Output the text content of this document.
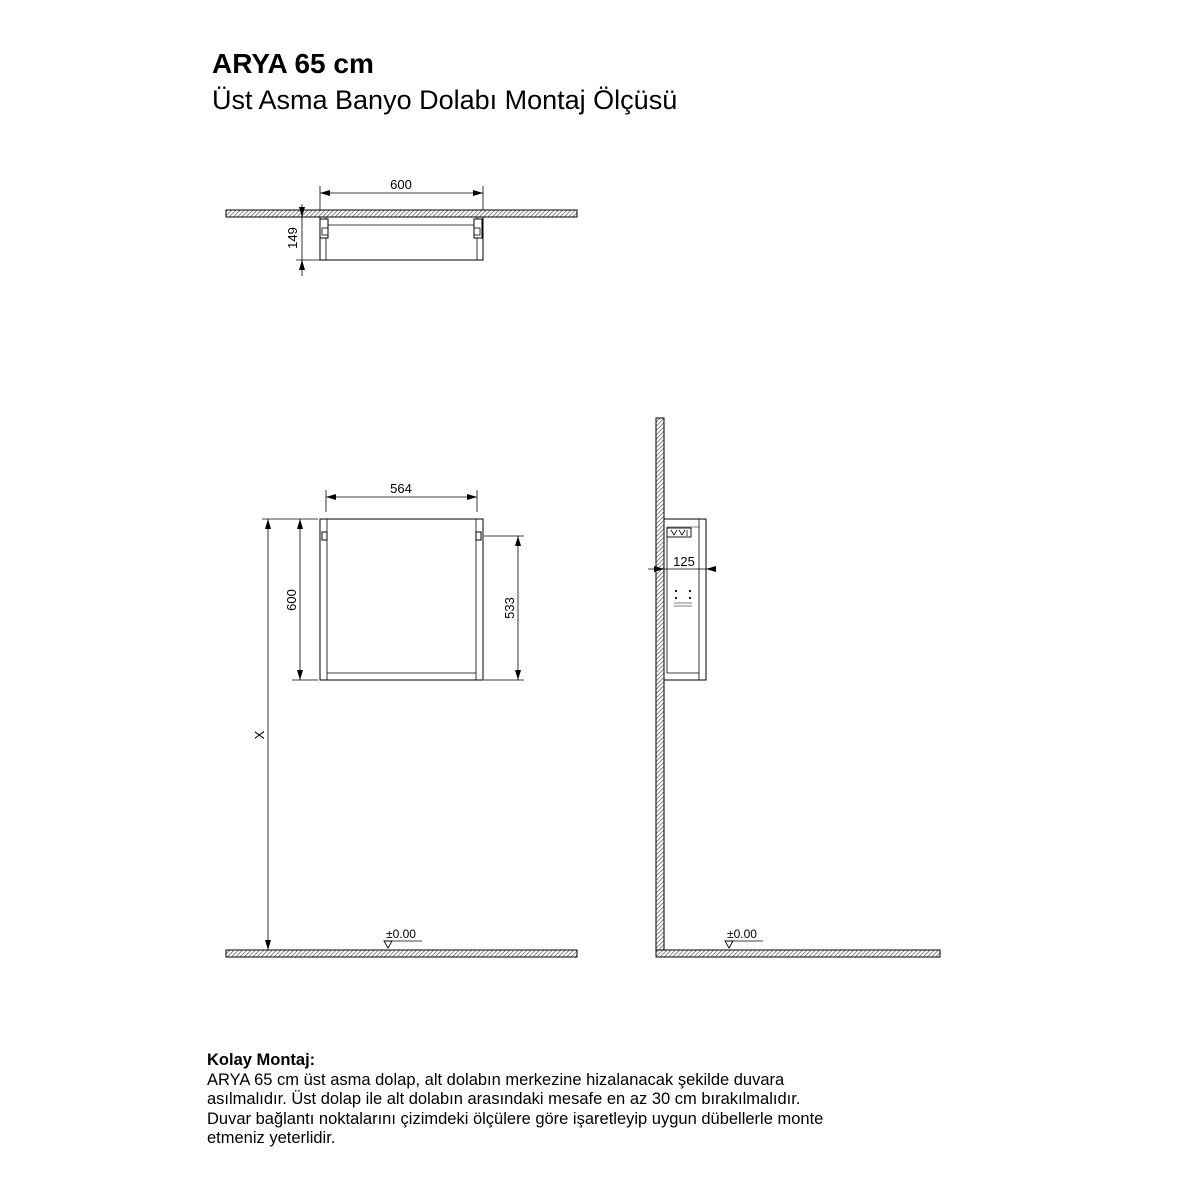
ARYA 65 cm
Üst Asma Banyo Dolabı Montaj Ölçüsü
600
149
564
600	533
X
±0.00
125
±0.00

Kolay Montaj:

ARYA 65 cm üst asma dolap, alt dolabın merkezine hizalanacak şekilde duvara

asılmalıdır. Üst dolap ile alt dolabın arasındaki mesafe en az 30 cm bırakılmalıdır.

Duvar bağlantı noktalarını çizimdeki ölçülere göre işaretleyip uygun dübellerle monte

etmeniz yeterlidir.
